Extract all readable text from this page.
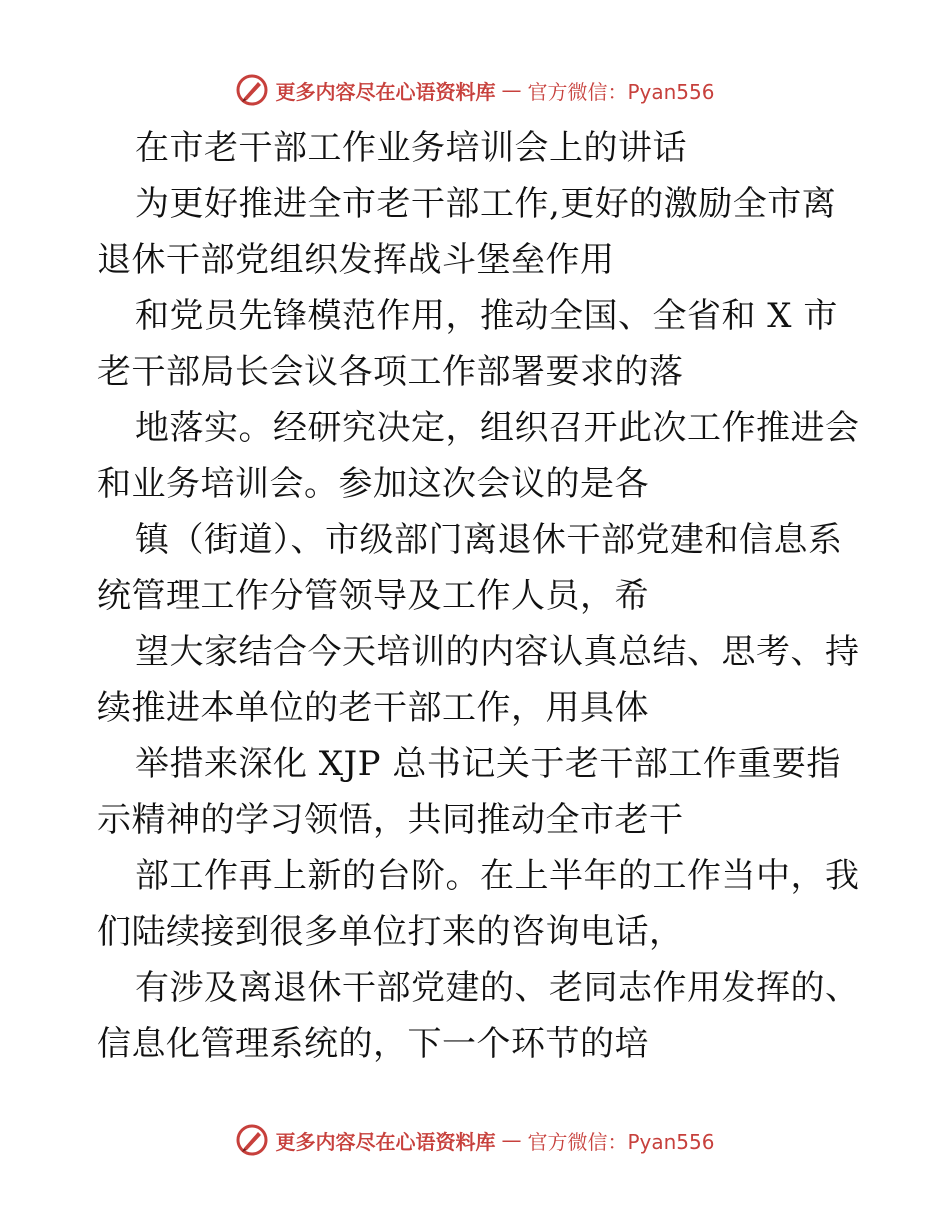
更多内容尽在心语资料库 — 官方微信：Pyan556
在市老干部工作业务培训会上的讲话
为更好推进全市老干部工作,更好的激励全市离
退休干部党组织发挥战斗堡垒作用
和党员先锋模范作用，推动全国、全省和 X 市
老干部局长会议各项工作部署要求的落
地落实。经研究决定，组织召开此次工作推进会
和业务培训会。参加这次会议的是各
镇（街道）、市级部门离退休干部党建和信息系
统管理工作分管领导及工作人员，希
望大家结合今天培训的内容认真总结、思考、持
续推进本单位的老干部工作，用具体
举措来深化 XJP 总书记关于老干部工作重要指
示精神的学习领悟，共同推动全市老干
部工作再上新的台阶。在上半年的工作当中，我
们陆续接到很多单位打来的咨询电话，
有涉及离退休干部党建的、老同志作用发挥的、
信息化管理系统的，下一个环节的培
更多内容尽在心语资料库 — 官方微信：Pyan556
